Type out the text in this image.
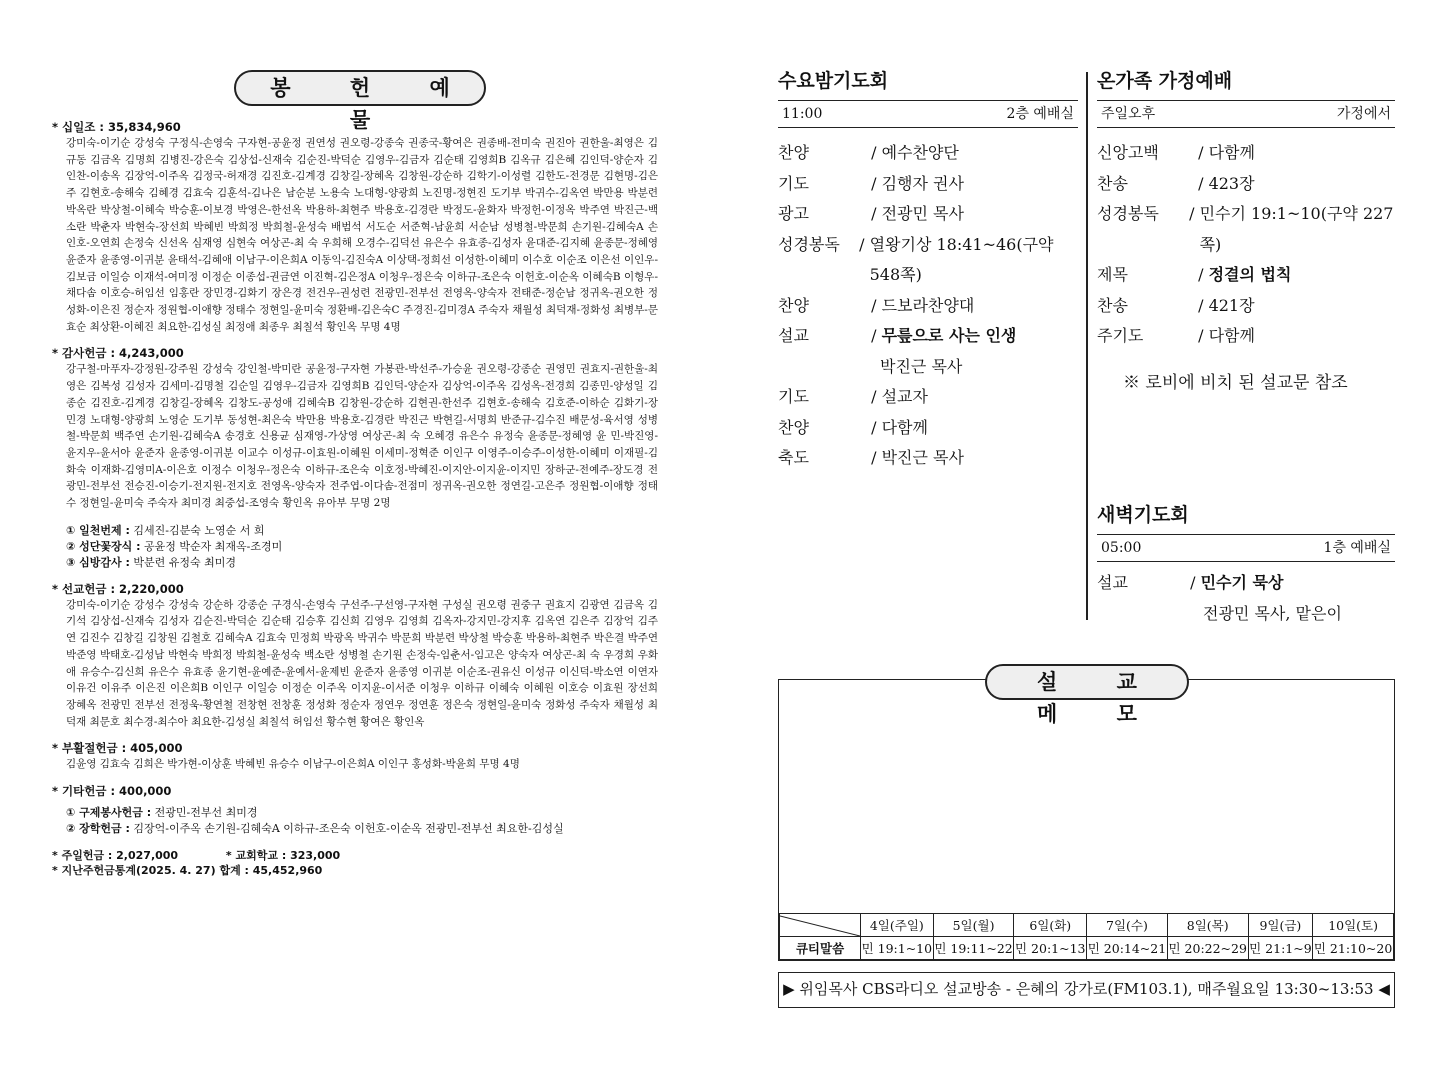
봉 헌 예 물
* 십일조 : 35,834,960
강미숙-이기순 강성숙 구정식-손영숙 구자현-공윤정 권연성 권오령-강종숙 권종국-황여은 권종배-전미숙 권진아 권한울-최영은 김규동 김금옥 김명희 김병진-강은숙 김상섭-신재숙 김순진-박덕순 김영우-김금자 김순태 김영희B 김옥규 김은혜 김인덕-양순자 김인찬-이송옥 김장억-이주옥 김정국-허재경 김진호-김계경 김창길-장혜옥 김창원-강순하 김학기-이성렬 김한도-전경문 김현명-김은주 김현호-송해숙 김혜경 김효숙 김훈석-김나은 남순분 노용숙 노대형-양광희 노진명-정현진 도기부 박귀수-김옥연 박만용 박분련 박옥란 박상철-이혜숙 박승훈-이보경 박영은-한선옥 박용하-최현주 박용호-김경란 박정도-윤화자 박정헌-이정옥 박주연 박진근-백소란 박춘자 박현숙-장선희 박혜빈 박희정 박희철-윤성숙 배범석 서도순 서준혁-남윤희 서순남 성병철-박문희 손기원-김혜숙A 손인호-오연희 손정숙 신선옥 심재영 심현숙 여상곤-최 숙 우희해 오경수-김덕선 유은수 유효종-김성자 윤대준-김지혜 윤종문-정혜영 윤준자 윤종영-이귀분 윤태석-김혜애 이남구-이은희A 이동익-김진숙A 이상택-정희선 이성한-이혜미 이수호 이순조 이은선 이인우-김보금 이일승 이재석-여미정 이정순 이종섭-권금연 이진혁-김은정A 이청우-정은숙 이하규-조은숙 이헌호-이순옥 이혜숙B 이형우-채다솜 이호승-허임선 임홍란 장민경-김화기 장은경 전건우-권성련 전광민-전부선 전영옥-양숙자 전태준-정순남 정귀옥-권오한 정성화-이은진 정순자 정원협-이애향 정태수 정현일-윤미숙 정환배-김은숙C 주경진-김미경A 주숙자 채월성 최덕재-정화성 최병부-문효순 최상환-이혜진 최요한-김성실 최정애 최종우 최칠석 황인옥 무명 4명
* 감사헌금 : 4,243,000
강구철-마푸자-강정원-강주원 강성숙 강인철-박미란 공윤정-구자현 가봉관-박선주-가승윤 권오령-강종순 권영민 권효지-권한울-최영은 김복성 김성자 김세미-김명철 김순일 김영우-김금자 김영희B 김인덕-양순자 김상억-이주옥 김성옥-전경희 김종민-양성일 김종순 김진호-김계경 김창길-장혜옥 김창도-공성애 김혜숙B 김창원-강순하 김현권-한선주 김현호-송해숙 김호준-이하순 김화기-장민경 노대형-양광희 노영순 도기부 동성현-최은숙 박만용 박용호-김경란 박진근 박현길-서명희 반준규-김수진 배문성-육서영 성병철-박문희 백주연 손기원-김혜숙A 송경호 신용균 심재영-가상영 여상곤-최 숙 오혜경 유은수 유정숙 윤종문-정혜영 윤 민-박진영-윤지우-윤서아 윤준자 윤종영-이귀분 이교수 이성규-이효원-이혜원 이세미-정혁준 이인구 이영주-이승주-이성한-이혜미 이재필-김화숙 이재화-김영미A-이은호 이정수 이청우-정은숙 이하규-조은숙 이호정-박혜진-이지안-이지윤-이지민 장하군-전예주-장도경 전광민-전부선 전승진-이승기-전지원-전지호 전영옥-양숙자 전주엽-이다솜-전점미 정귀옥-권오한 정연길-고은주 정원협-이애향 정태수 정현일-윤미숙 주숙자 최미경 최중섭-조영숙 황인옥 유아부 무명 2명
① 일천번제 : 김세진-김분숙 노영순 서 희
② 성단꽃장식 : 공윤정 박순자 최재옥-조경미
③ 심방감사 : 박분련 유정숙 최미경
* 선교헌금 : 2,220,000
강미숙-이기순 강성수 강성숙 강순하 강종순 구경식-손영숙 구선주-구선영-구자현 구성실 권오령 권중구 권효지 김광연 김금옥 김기석 김상섭-신재숙 김성자 김순진-박덕순 김순태 김승후 김신희 김영우 김영희 김옥자-강지민-강지후 김옥연 김은주 김장억 김주연 김진수 김창길 김창원 김철호 김혜숙A 김효숙 민정희 박광옥 박귀수 박문희 박분련 박상철 박승훈 박용하-최현주 박은결 박주연 박준영 박태호-김성남 박현숙 박희정 박희철-윤성숙 백소란 성병철 손기원 손정숙-임춘서-임고은 양숙자 여상곤-최 숙 우경희 우화애 유승수-김신희 유은수 유효종 윤기현-윤예준-윤예서-윤제빈 윤준자 윤종영 이귀분 이순조-권유신 이성규 이신덕-박소연 이연자 이유건 이유주 이은진 이은희B 이인구 이일승 이정순 이주옥 이지윤-이서준 이청우 이하규 이혜숙 이혜원 이호승 이효원 장선희 장혜옥 전광민 전부선 전정욱-황연철 전창현 전창훈 정성화 정순자 정연우 정연훈 정은숙 정현일-윤미숙 정화성 주숙자 채월성 최덕재 최문호 최수경-최수아 최요한-김성실 최칠석 허임선 황수현 황여은 황인옥
* 부활절헌금 : 405,000
김윤영 김효숙 김희은 박가현-이상훈 박혜빈 유승수 이남구-이은희A 이인구 홍성화-박윤희 무명 4명
* 기타헌금 : 400,000
① 구제봉사헌금 : 전광민-전부선 최미경
② 장학헌금 : 김장억-이주옥 손기원-김혜숙A 이하규-조은숙 이헌호-이순옥 전광민-전부선 최요한-김성실
* 주일헌금 : 2,027,000	* 교회학교 : 323,000
* 지난주헌금통계(2025. 4. 27) 합계 : 45,452,960
수요밤기도회
11:00	2층 예배실
찬양	/ 예수찬양단
기도	/ 김행자 권사
광고	/ 전광민 목사
성경봉독 / 열왕기상 18:41~46(구약 548쪽)
찬양	/ 드보라찬양대
설교	/ 무릎으로 사는 인생
박진근 목사
기도	/ 설교자
찬양	/ 다함께
축도	/ 박진근 목사
온가족 가정예배
주일오후	가정에서
신앙고백	/ 다함께
찬송	/ 423장
성경봉독	/ 민수기 19:1~10(구약 227쪽)
제목	/ 정결의 법칙
찬송	/ 421장
주기도	/ 다함께
※ 로비에 비치 된 설교문 참조
새벽기도회
05:00	1층 예배실
설교	/ 민수기 묵상
전광민 목사, 맡은이
설 교 메 모
	4일(주일)	5일(월)	6일(화)	7일(수)	8일(목)	9일(금)	10일(토)
큐티말씀	민 19:1~10	민 19:11~22	민 20:1~13	민 20:14~21	민 20:22~29	민 21:1~9	민 21:10~20
▶ 위임목사 CBS라디오 설교방송 - 은혜의 강가로(FM103.1), 매주월요일 13:30~13:53 ◀
